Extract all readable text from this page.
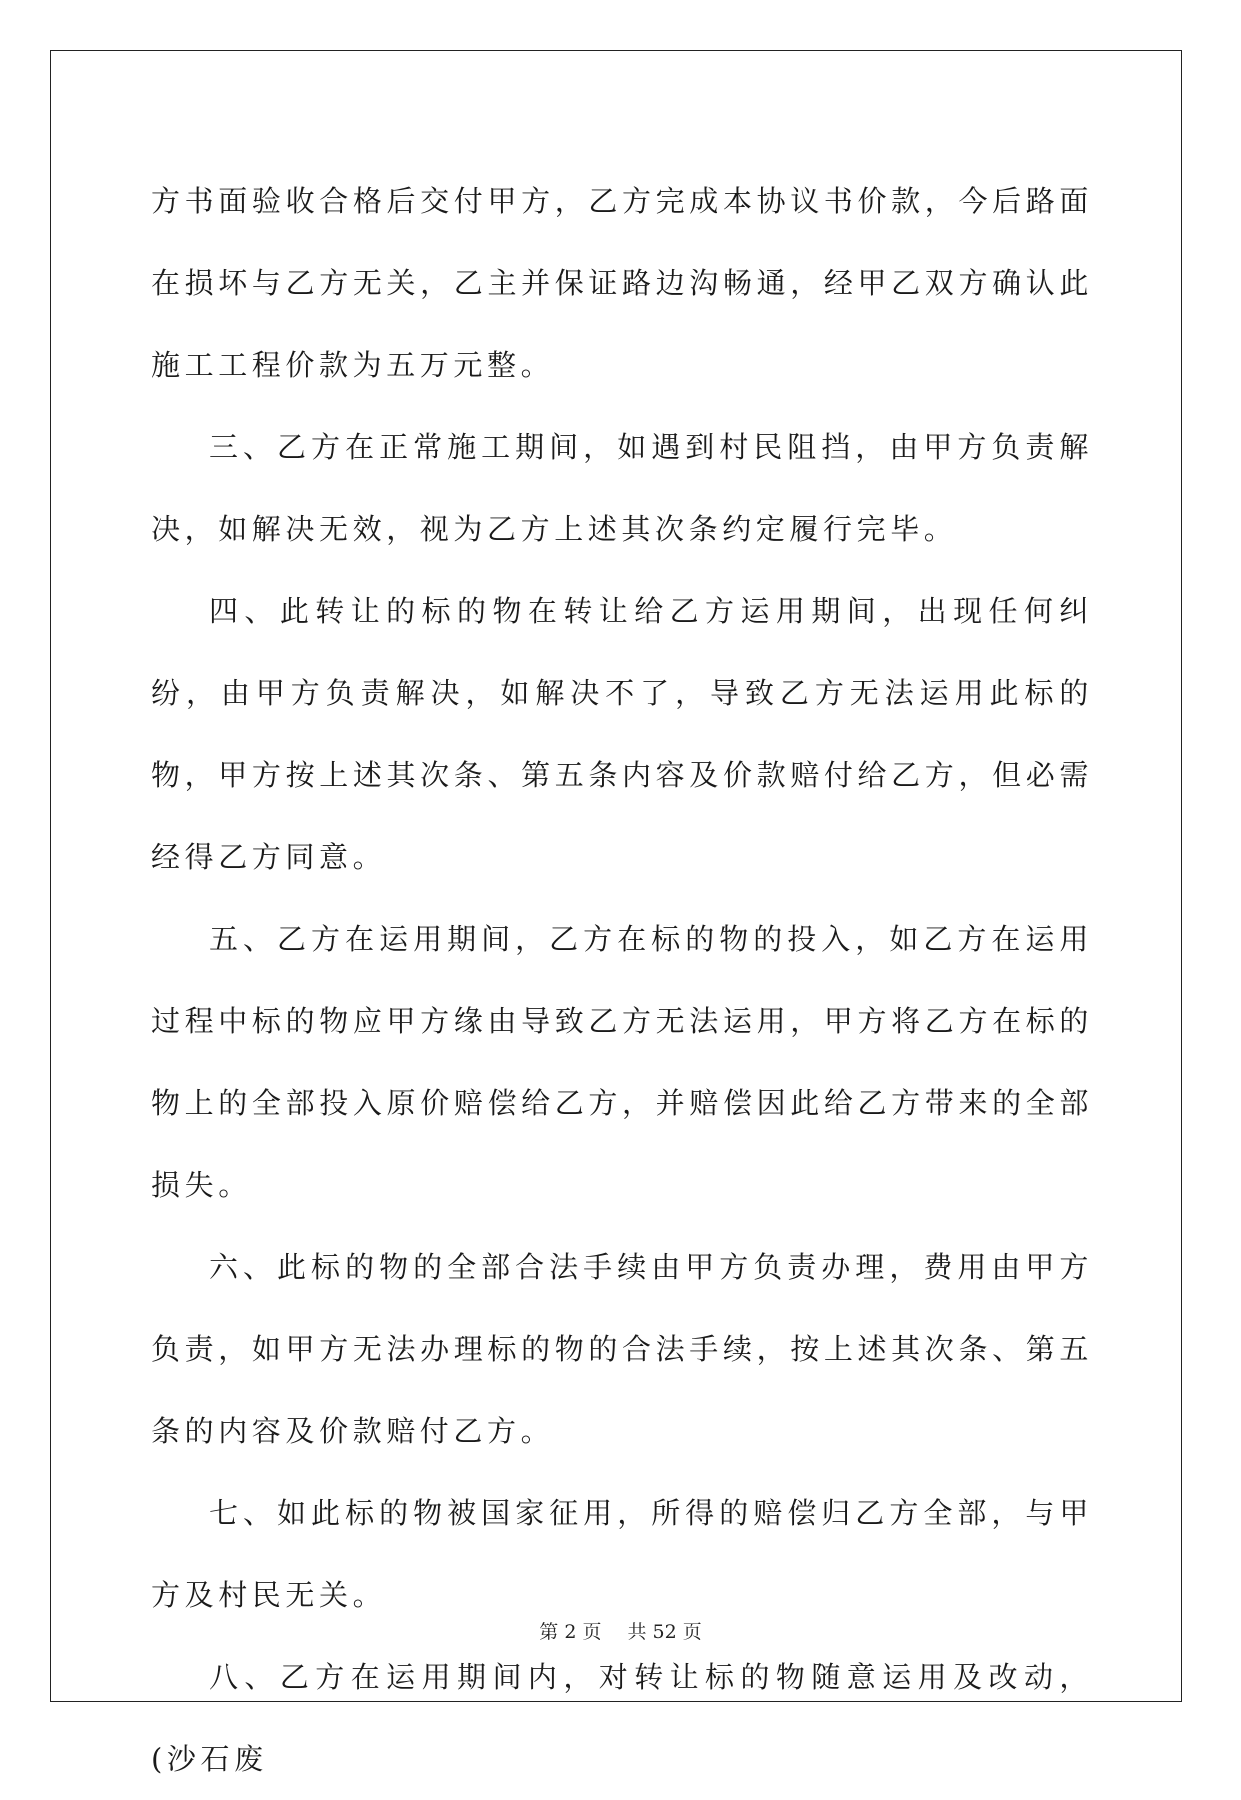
方书面验收合格后交付甲方，乙方完成本协议书价款，今后路面在损坏与乙方无关，乙主并保证路边沟畅通，经甲乙双方确认此施工工程价款为五万元整。

三、乙方在正常施工期间，如遇到村民阻挡，由甲方负责解决，如解决无效，视为乙方上述其次条约定履行完毕。

四、此转让的标的物在转让给乙方运用期间，出现任何纠纷，由甲方负责解决，如解决不了，导致乙方无法运用此标的物，甲方按上述其次条、第五条内容及价款赔付给乙方，但必需经得乙方同意。

五、乙方在运用期间，乙方在标的物的投入，如乙方在运用过程中标的物应甲方缘由导致乙方无法运用，甲方将乙方在标的物上的全部投入原价赔偿给乙方，并赔偿因此给乙方带来的全部损失。

六、此标的物的全部合法手续由甲方负责办理，费用由甲方负责，如甲方无法办理标的物的合法手续，按上述其次条、第五条的内容及价款赔付乙方。

七、如此标的物被国家征用，所得的赔偿归乙方全部，与甲方及村民无关。

八、乙方在运用期间内，对转让标的物随意运用及改动，(沙石废

第 2 页 共 52 页
